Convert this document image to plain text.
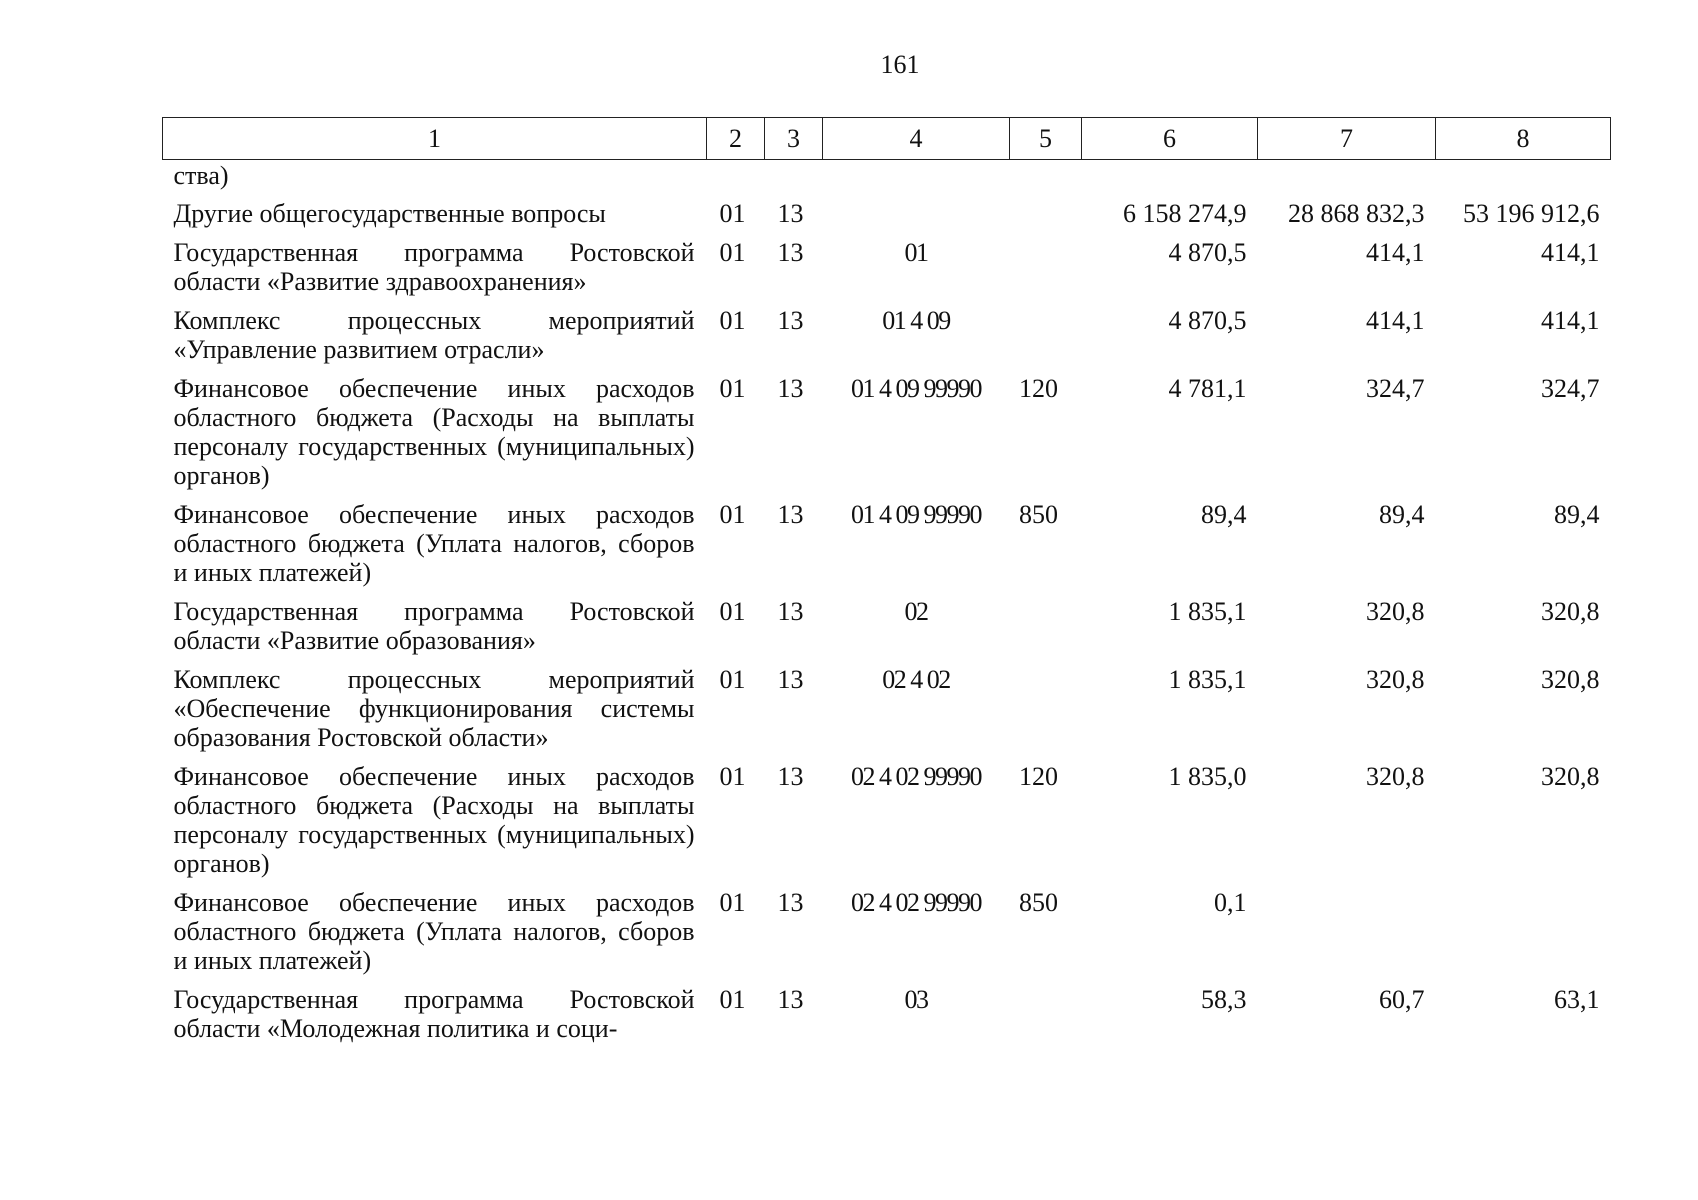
161
1	2	3	4	5	6	7	8
ства)							
Другие общегосударственные вопросы	01	13			6 158 274,9	28 868 832,3	53 196 912,6
Государственная программа Ростовской области «Развитие здравоохранения»	01	13	01		4 870,5	414,1	414,1
Комплекс процессных мероприятий «Управление развитием отрасли»	01	13	01 4 09		4 870,5	414,1	414,1
Финансовое обеспечение иных расходов областного бюджета (Расходы на выплаты персоналу государственных (муниципальных) органов)	01	13	01 4 09 99990	120	4 781,1	324,7	324,7
Финансовое обеспечение иных расходов областного бюджета (Уплата налогов, сборов и иных платежей)	01	13	01 4 09 99990	850	89,4	89,4	89,4
Государственная программа Ростовской области «Развитие образования»	01	13	02		1 835,1	320,8	320,8
Комплекс процессных мероприятий «Обеспечение функционирования системы образования Ростовской области»	01	13	02 4 02		1 835,1	320,8	320,8
Финансовое обеспечение иных расходов областного бюджета (Расходы на выплаты персоналу государственных (муниципальных) органов)	01	13	02 4 02 99990	120	1 835,0	320,8	320,8
Финансовое обеспечение иных расходов областного бюджета (Уплата налогов, сборов и иных платежей)	01	13	02 4 02 99990	850	0,1		
Государственная программа Ростовской области «Молодежная политика и соци-	01	13	03		58,3	60,7	63,1
